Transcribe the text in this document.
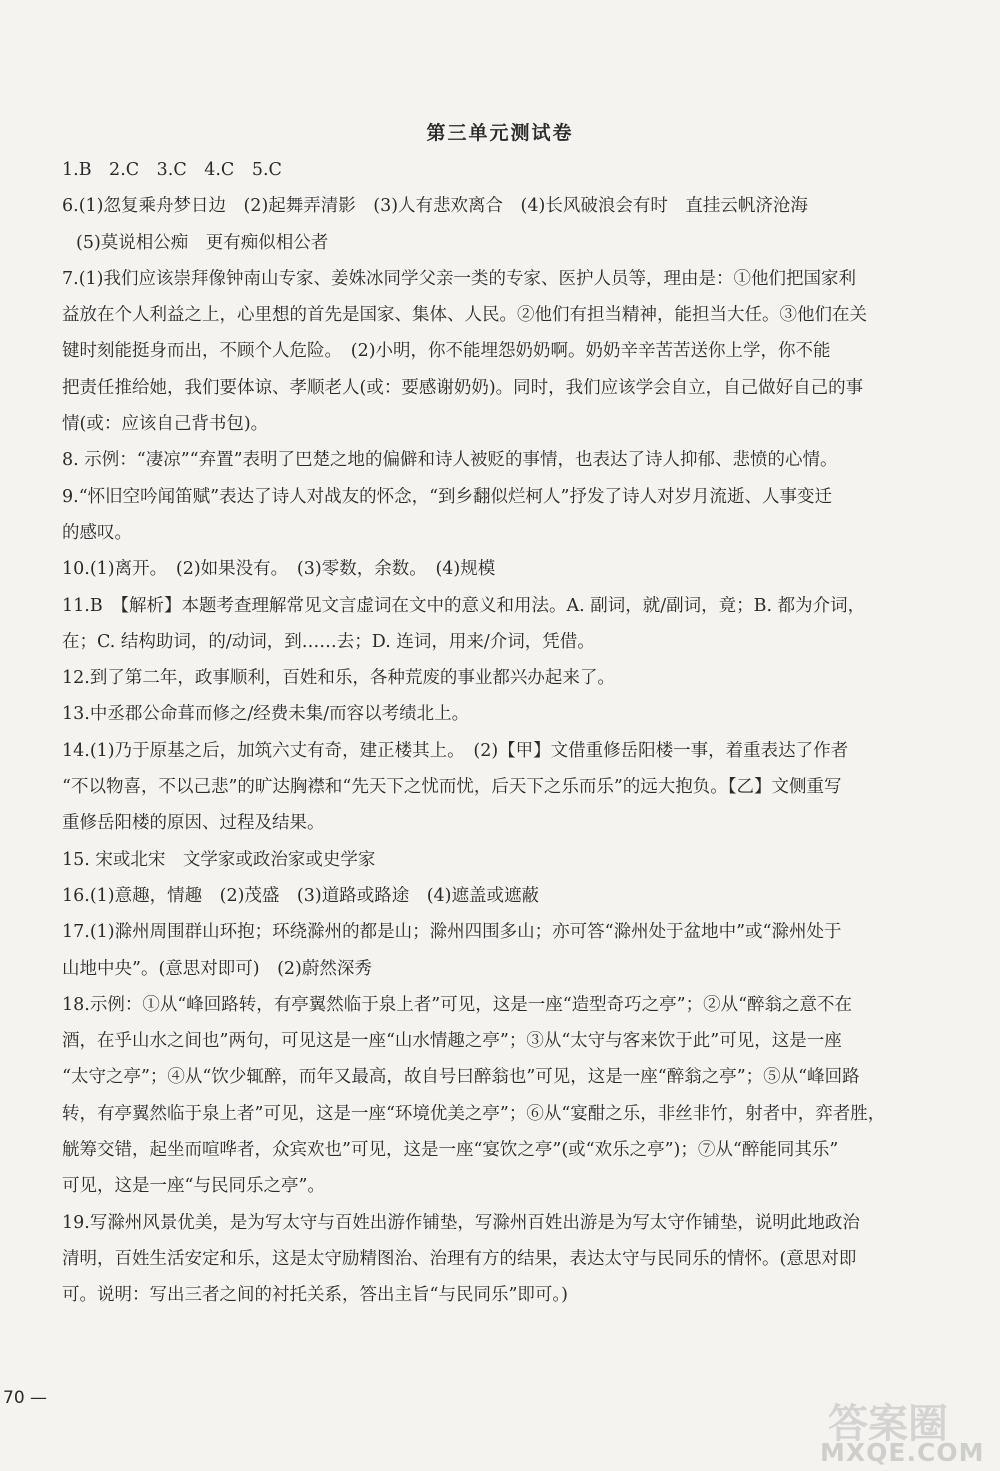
第三单元测试卷
1.B　2.C　3.C　4.C　5.C
6.(1)忽复乘舟梦日边　(2)起舞弄清影　(3)人有悲欢离合　(4)长风破浪会有时　直挂云帆济沧海
(5)莫说相公痴　更有痴似相公者
7.(1)我们应该崇拜像钟南山专家、姜姝冰同学父亲一类的专家、医护人员等，理由是：①他们把国家利
益放在个人利益之上，心里想的首先是国家、集体、人民。②他们有担当精神，能担当大任。③他们在关
键时刻能挺身而出，不顾个人危险。　(2)小明，你不能埋怨奶奶啊。奶奶辛辛苦苦送你上学，你不能
把责任推给她，我们要体谅、孝顺老人(或：要感谢奶奶)。同时，我们应该学会自立，自己做好自己的事
情(或：应该自己背书包)。
8. 示例：“凄凉”“弃置”表明了巴楚之地的偏僻和诗人被贬的事情，也表达了诗人抑郁、悲愤的心情。
9.“怀旧空吟闻笛赋”表达了诗人对战友的怀念，“到乡翻似烂柯人”抒发了诗人对岁月流逝、人事变迁
的感叹。
10.(1)离开。　(2)如果没有。　(3)零数，余数。　(4)规模
11.B　【解析】本题考查理解常见文言虚词在文中的意义和用法。A. 副词，就/副词，竟；B. 都为介词，
在；C. 结构助词，的/动词，到……去；D. 连词，用来/介词，凭借。
12.到了第二年，政事顺利，百姓和乐，各种荒废的事业都兴办起来了。
13.中丞郡公命葺而修之/经费未集/而容以考绩北上。
14.(1)乃于原基之后，加筑六丈有奇，建正楼其上。　(2)【甲】文借重修岳阳楼一事，着重表达了作者
“不以物喜，不以己悲”的旷达胸襟和“先天下之忧而忧，后天下之乐而乐”的远大抱负。【乙】文侧重写
重修岳阳楼的原因、过程及结果。
15. 宋或北宋　文学家或政治家或史学家
16.(1)意趣，情趣　(2)茂盛　(3)道路或路途　(4)遮盖或遮蔽
17.(1)滁州周围群山环抱；环绕滁州的都是山；滁州四围多山；亦可答“滁州处于盆地中”或“滁州处于
山地中央”。(意思对即可)　(2)蔚然深秀
18.示例：①从“峰回路转，有亭翼然临于泉上者”可见，这是一座“造型奇巧之亭”；②从“醉翁之意不在
酒，在乎山水之间也”两句，可见这是一座“山水情趣之亭”；③从“太守与客来饮于此”可见，这是一座
“太守之亭”；④从“饮少辄醉，而年又最高，故自号曰醉翁也”可见，这是一座“醉翁之亭”；⑤从“峰回路
转，有亭翼然临于泉上者”可见，这是一座“环境优美之亭”；⑥从“宴酣之乐，非丝非竹，射者中，弈者胜，
觥筹交错，起坐而喧哗者，众宾欢也”可见，这是一座“宴饮之亭”(或“欢乐之亭”)；⑦从“醉能同其乐”
可见，这是一座“与民同乐之亭”。
19.写滁州风景优美，是为写太守与百姓出游作铺垫，写滁州百姓出游是为写太守作铺垫，说明此地政治
清明，百姓生活安定和乐，这是太守励精图治、治理有方的结果，表达太守与民同乐的情怀。(意思对即
可。说明：写出三者之间的衬托关系，答出主旨“与民同乐”即可。)
70 —
答案圈
MXQE.COM
